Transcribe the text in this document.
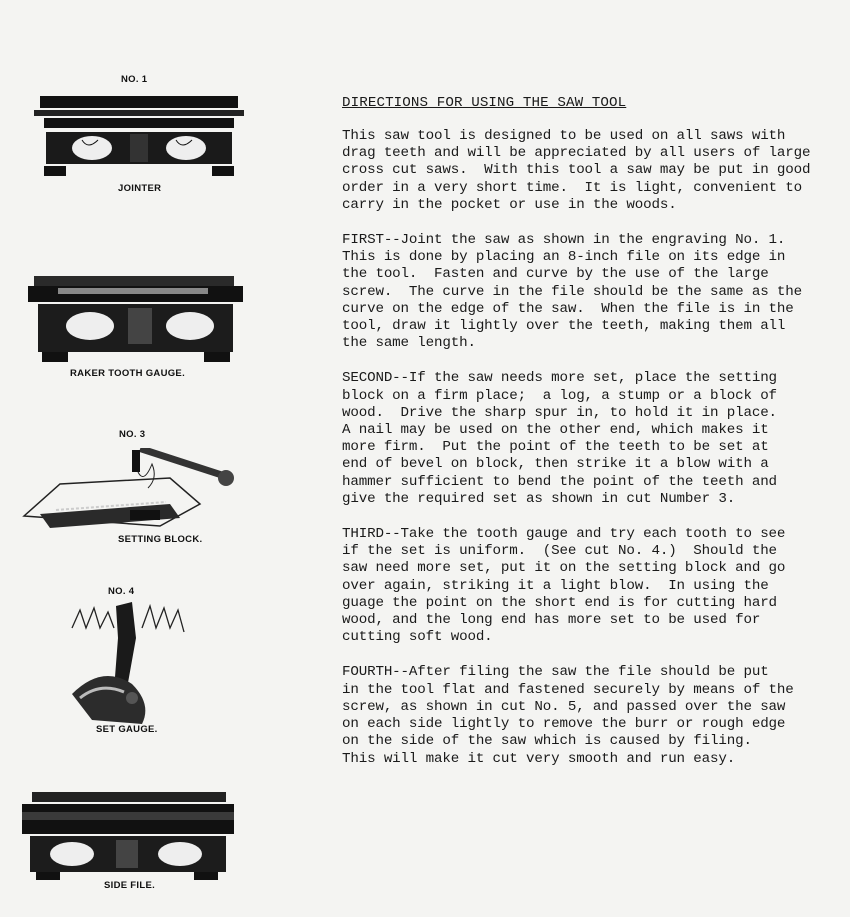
NO. 1
JOINTER
RAKER TOOTH GAUGE.
NO. 3
SETTING BLOCK.
NO. 4
SET GAUGE.
SIDE FILE.
DIRECTIONS FOR USING THE SAW TOOL
This saw tool is designed to be used on all saws with
drag teeth and will be appreciated by all users of large
cross cut saws.  With this tool a saw may be put in good
order in a very short time.  It is light, convenient to
carry in the pocket or use in the woods.
FIRST--Joint the saw as shown in the engraving No. 1.
This is done by placing an 8-inch file on its edge in
the tool.  Fasten and curve by the use of the large
screw.  The curve in the file should be the same as the
curve on the edge of the saw.  When the file is in the
tool, draw it lightly over the teeth, making them all
the same length.
SECOND--If the saw needs more set, place the setting
block on a firm place;  a log, a stump or a block of
wood.  Drive the sharp spur in, to hold it in place.
A nail may be used on the other end, which makes it
more firm.  Put the point of the teeth to be set at
end of bevel on block, then strike it a blow with a
hammer sufficient to bend the point of the teeth and
give the required set as shown in cut Number 3.
THIRD--Take the tooth gauge and try each tooth to see
if the set is uniform.  (See cut No. 4.)  Should the
saw need more set, put it on the setting block and go
over again, striking it a light blow.  In using the
guage the point on the short end is for cutting hard
wood, and the long end has more set to be used for
cutting soft wood.
FOURTH--After filing the saw the file should be put
in the tool flat and fastened securely by means of the
screw, as shown in cut No. 5, and passed over the saw
on each side lightly to remove the burr or rough edge
on the side of the saw which is caused by filing.
This will make it cut very smooth and run easy.
